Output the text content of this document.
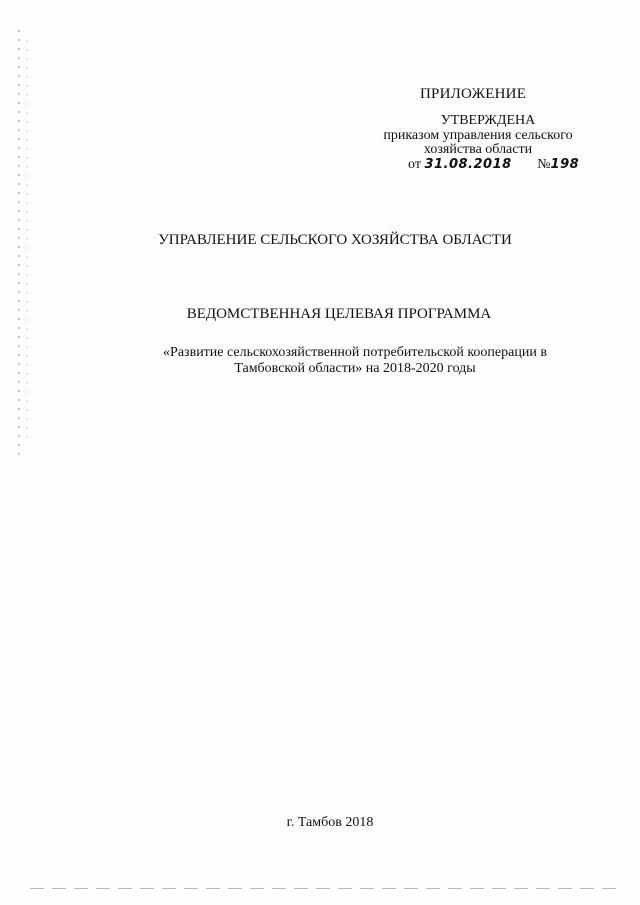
ПРИЛОЖЕНИЕ
УТВЕРЖДЕНА
приказом управления сельского
хозяйства области
от 31.08.2018 №198
УПРАВЛЕНИЕ СЕЛЬСКОГО ХОЗЯЙСТВА ОБЛАСТИ
ВЕДОМСТВЕННАЯ ЦЕЛЕВАЯ ПРОГРАММА
«Развитие сельскохозяйственной потребительской кооперации в
Тамбовской области» на 2018-2020 годы
г. Тамбов 2018
